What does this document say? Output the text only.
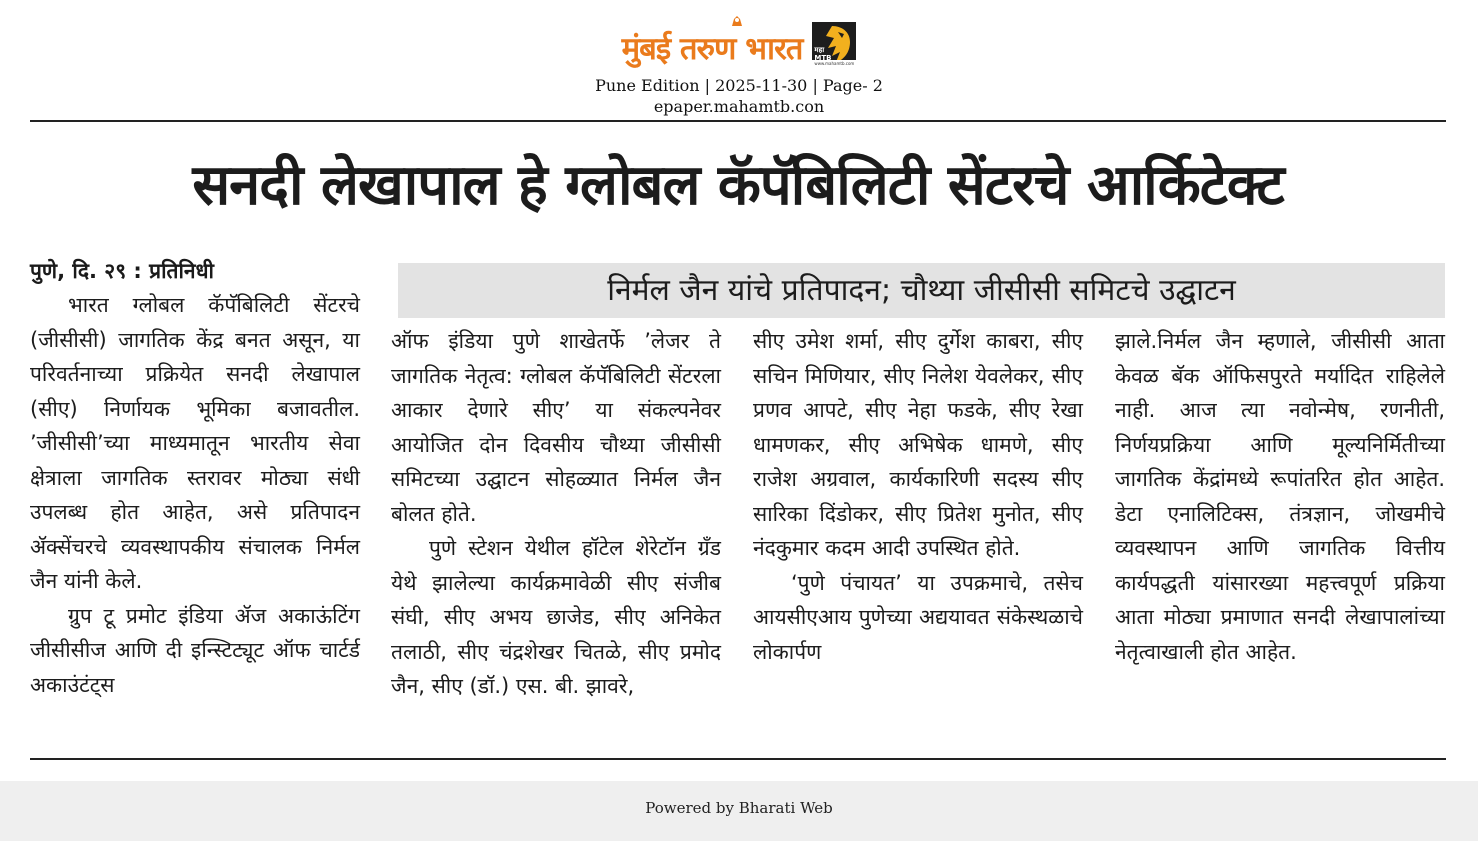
मुंबई तरुण भारत महा MTB
www.mahamtb.com
Pune Edition | 2025-11-30 | Page- 2
epaper.mahamtb.con
सनदी लेखापाल हे ग्लोबल कॅपॅबिलिटी सेंटरचे आर्किटेक्ट
निर्मल जैन यांचे प्रतिपादन; चौथ्या जीसीसी समिटचे उद्घाटन
पुणे, दि. २९ : प्रतिनिधी

भारत ग्लोबल कॅपॅबिलिटी सेंटरचे (जीसीसी) जागतिक केंद्र बनत असून, या परिवर्तनाच्या प्रक्रियेत सनदी लेखापाल (सीए) निर्णायक भूमिका बजावतील. ’जीसीसी’च्या माध्यमातून भारतीय सेवा क्षेत्राला जागतिक स्तरावर मोठ्या संधी उपलब्ध होत आहेत, असे प्रतिपादन ॲक्सेंचरचे व्यवस्थापकीय संचालक निर्मल जैन यांनी केले.

ग्रुप टू प्रमोट इंडिया ॲज अकाऊंटिंग जीसीसीज आणि दी इन्स्टिट्यूट ऑफ चार्टर्ड अकाउंटंट्स

ऑफ इंडिया पुणे शाखेतर्फे ’लेजर ते जागतिक नेतृत्व: ग्लोबल कॅपॅबिलिटी सेंटरला आकार देणारे सीए’ या संकल्पनेवर आयोजित दोन दिवसीय चौथ्या जीसीसी समिटच्या उद्घाटन सोहळ्यात निर्मल जैन बोलत होते.

पुणे स्टेशन येथील हॉटेल शेरेटॉन ग्रँड येथे झालेल्या कार्यक्रमावेळी सीए संजीब संघी, सीए अभय छाजेड, सीए अनिकेत तलाठी, सीए चंद्रशेखर चितळे, सीए प्रमोद जैन, सीए (डॉ.) एस. बी. झावरे,

सीए उमेश शर्मा, सीए दुर्गेश काबरा, सीए सचिन मिणियार, सीए निलेश येवलेकर, सीए प्रणव आपटे, सीए नेहा फडके, सीए रेखा धामणकर, सीए अभिषेक धामणे, सीए राजेश अग्रवाल, कार्यकारिणी सदस्य सीए सारिका दिंडोकर, सीए प्रितेश मुनोत, सीए नंदकुमार कदम आदी उपस्थित होते.

‘पुणे पंचायत’ या उपक्रमाचे, तसेच आयसीएआय पुणेच्या अद्ययावत संकेस्थळाचे लोकार्पण

झाले.निर्मल जैन म्हणाले, जीसीसी आता केवळ बॅक ऑफिसपुरते मर्यादित राहिलेले नाही. आज त्या नवोन्मेष, रणनीती, निर्णयप्रक्रिया आणि मूल्यनिर्मितीच्या जागतिक केंद्रांमध्ये रूपांतरित होत आहेत. डेटा एनालिटिक्स, तंत्रज्ञान, जोखमीचे व्यवस्थापन आणि जागतिक वित्तीय कार्यपद्धती यांसारख्या महत्त्वपूर्ण प्रक्रिया आता मोठ्या प्रमाणात सनदी लेखापालांच्या नेतृत्वाखाली होत आहेत.

Powered by Bharati Web
